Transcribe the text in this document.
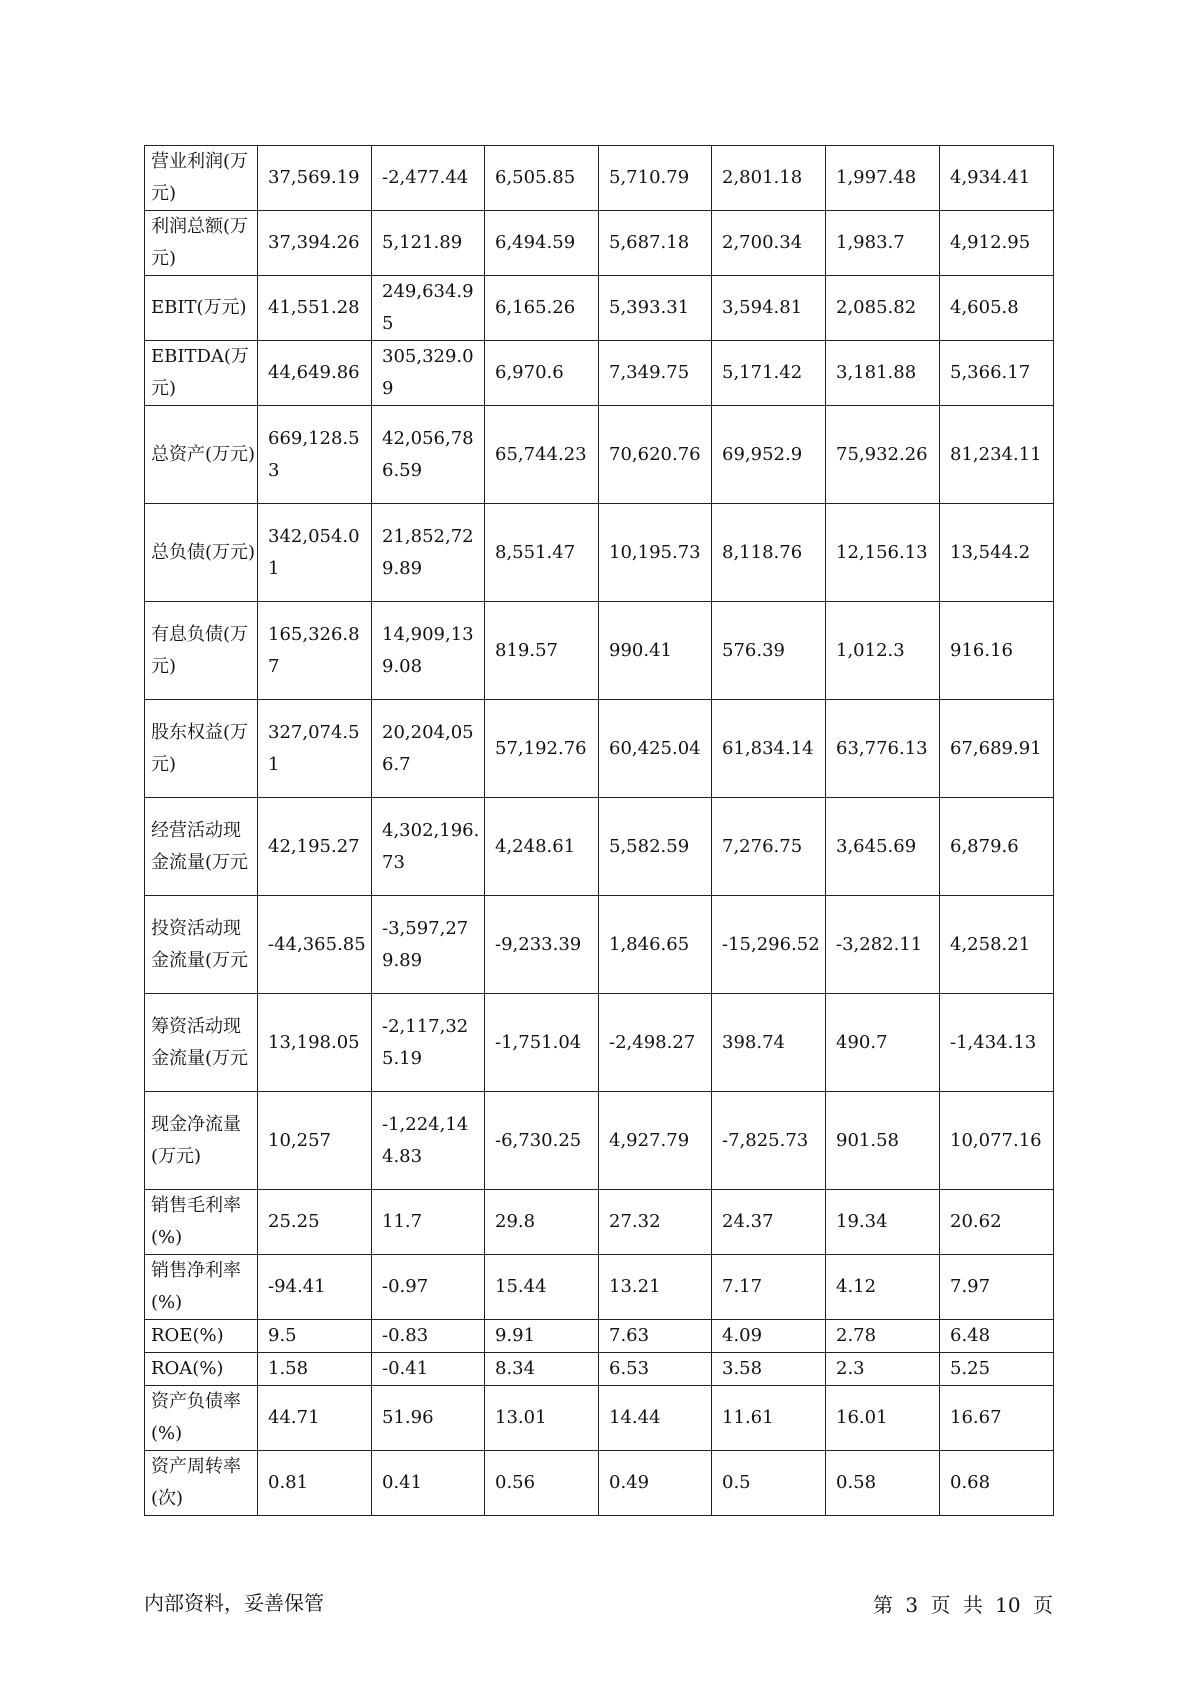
营业利润(万元)	37,569.19	-2,477.44	6,505.85	5,710.79	2,801.18	1,997.48	4,934.41
利润总额(万元)	37,394.26	5,121.89	6,494.59	5,687.18	2,700.34	1,983.7	4,912.95
EBIT(万元)	41,551.28	249,634.95	6,165.26	5,393.31	3,594.81	2,085.82	4,605.8
EBITDA(万元)	44,649.86	305,329.09	6,970.6	7,349.75	5,171.42	3,181.88	5,366.17
总资产(万元)	669,128.53	42,056,786.59	65,744.23	70,620.76	69,952.9	75,932.26	81,234.11
总负债(万元)	342,054.01	21,852,729.89	8,551.47	10,195.73	8,118.76	12,156.13	13,544.2
有息负债(万元)	165,326.87	14,909,139.08	819.57	990.41	576.39	1,012.3	916.16
股东权益(万元)	327,074.51	20,204,056.7	57,192.76	60,425.04	61,834.14	63,776.13	67,689.91
经营活动现金流量(万元	42,195.27	4,302,196.73	4,248.61	5,582.59	7,276.75	3,645.69	6,879.6
投资活动现金流量(万元	-44,365.85	-3,597,279.89	-9,233.39	1,846.65	-15,296.52	-3,282.11	4,258.21
筹资活动现金流量(万元	13,198.05	-2,117,325.19	-1,751.04	-2,498.27	398.74	490.7	-1,434.13
现金净流量(万元)	10,257	-1,224,144.83	-6,730.25	4,927.79	-7,825.73	901.58	10,077.16
销售毛利率(%)	25.25	11.7	29.8	27.32	24.37	19.34	20.62
销售净利率(%)	-94.41	-0.97	15.44	13.21	7.17	4.12	7.97
ROE(%)	9.5	-0.83	9.91	7.63	4.09	2.78	6.48
ROA(%)	1.58	-0.41	8.34	6.53	3.58	2.3	5.25
资产负债率(%)	44.71	51.96	13.01	14.44	11.61	16.01	16.67
资产周转率(次)	0.81	0.41	0.56	0.49	0.5	0.58	0.68
内部资料，妥善保管	第 3 页 共 10 页
